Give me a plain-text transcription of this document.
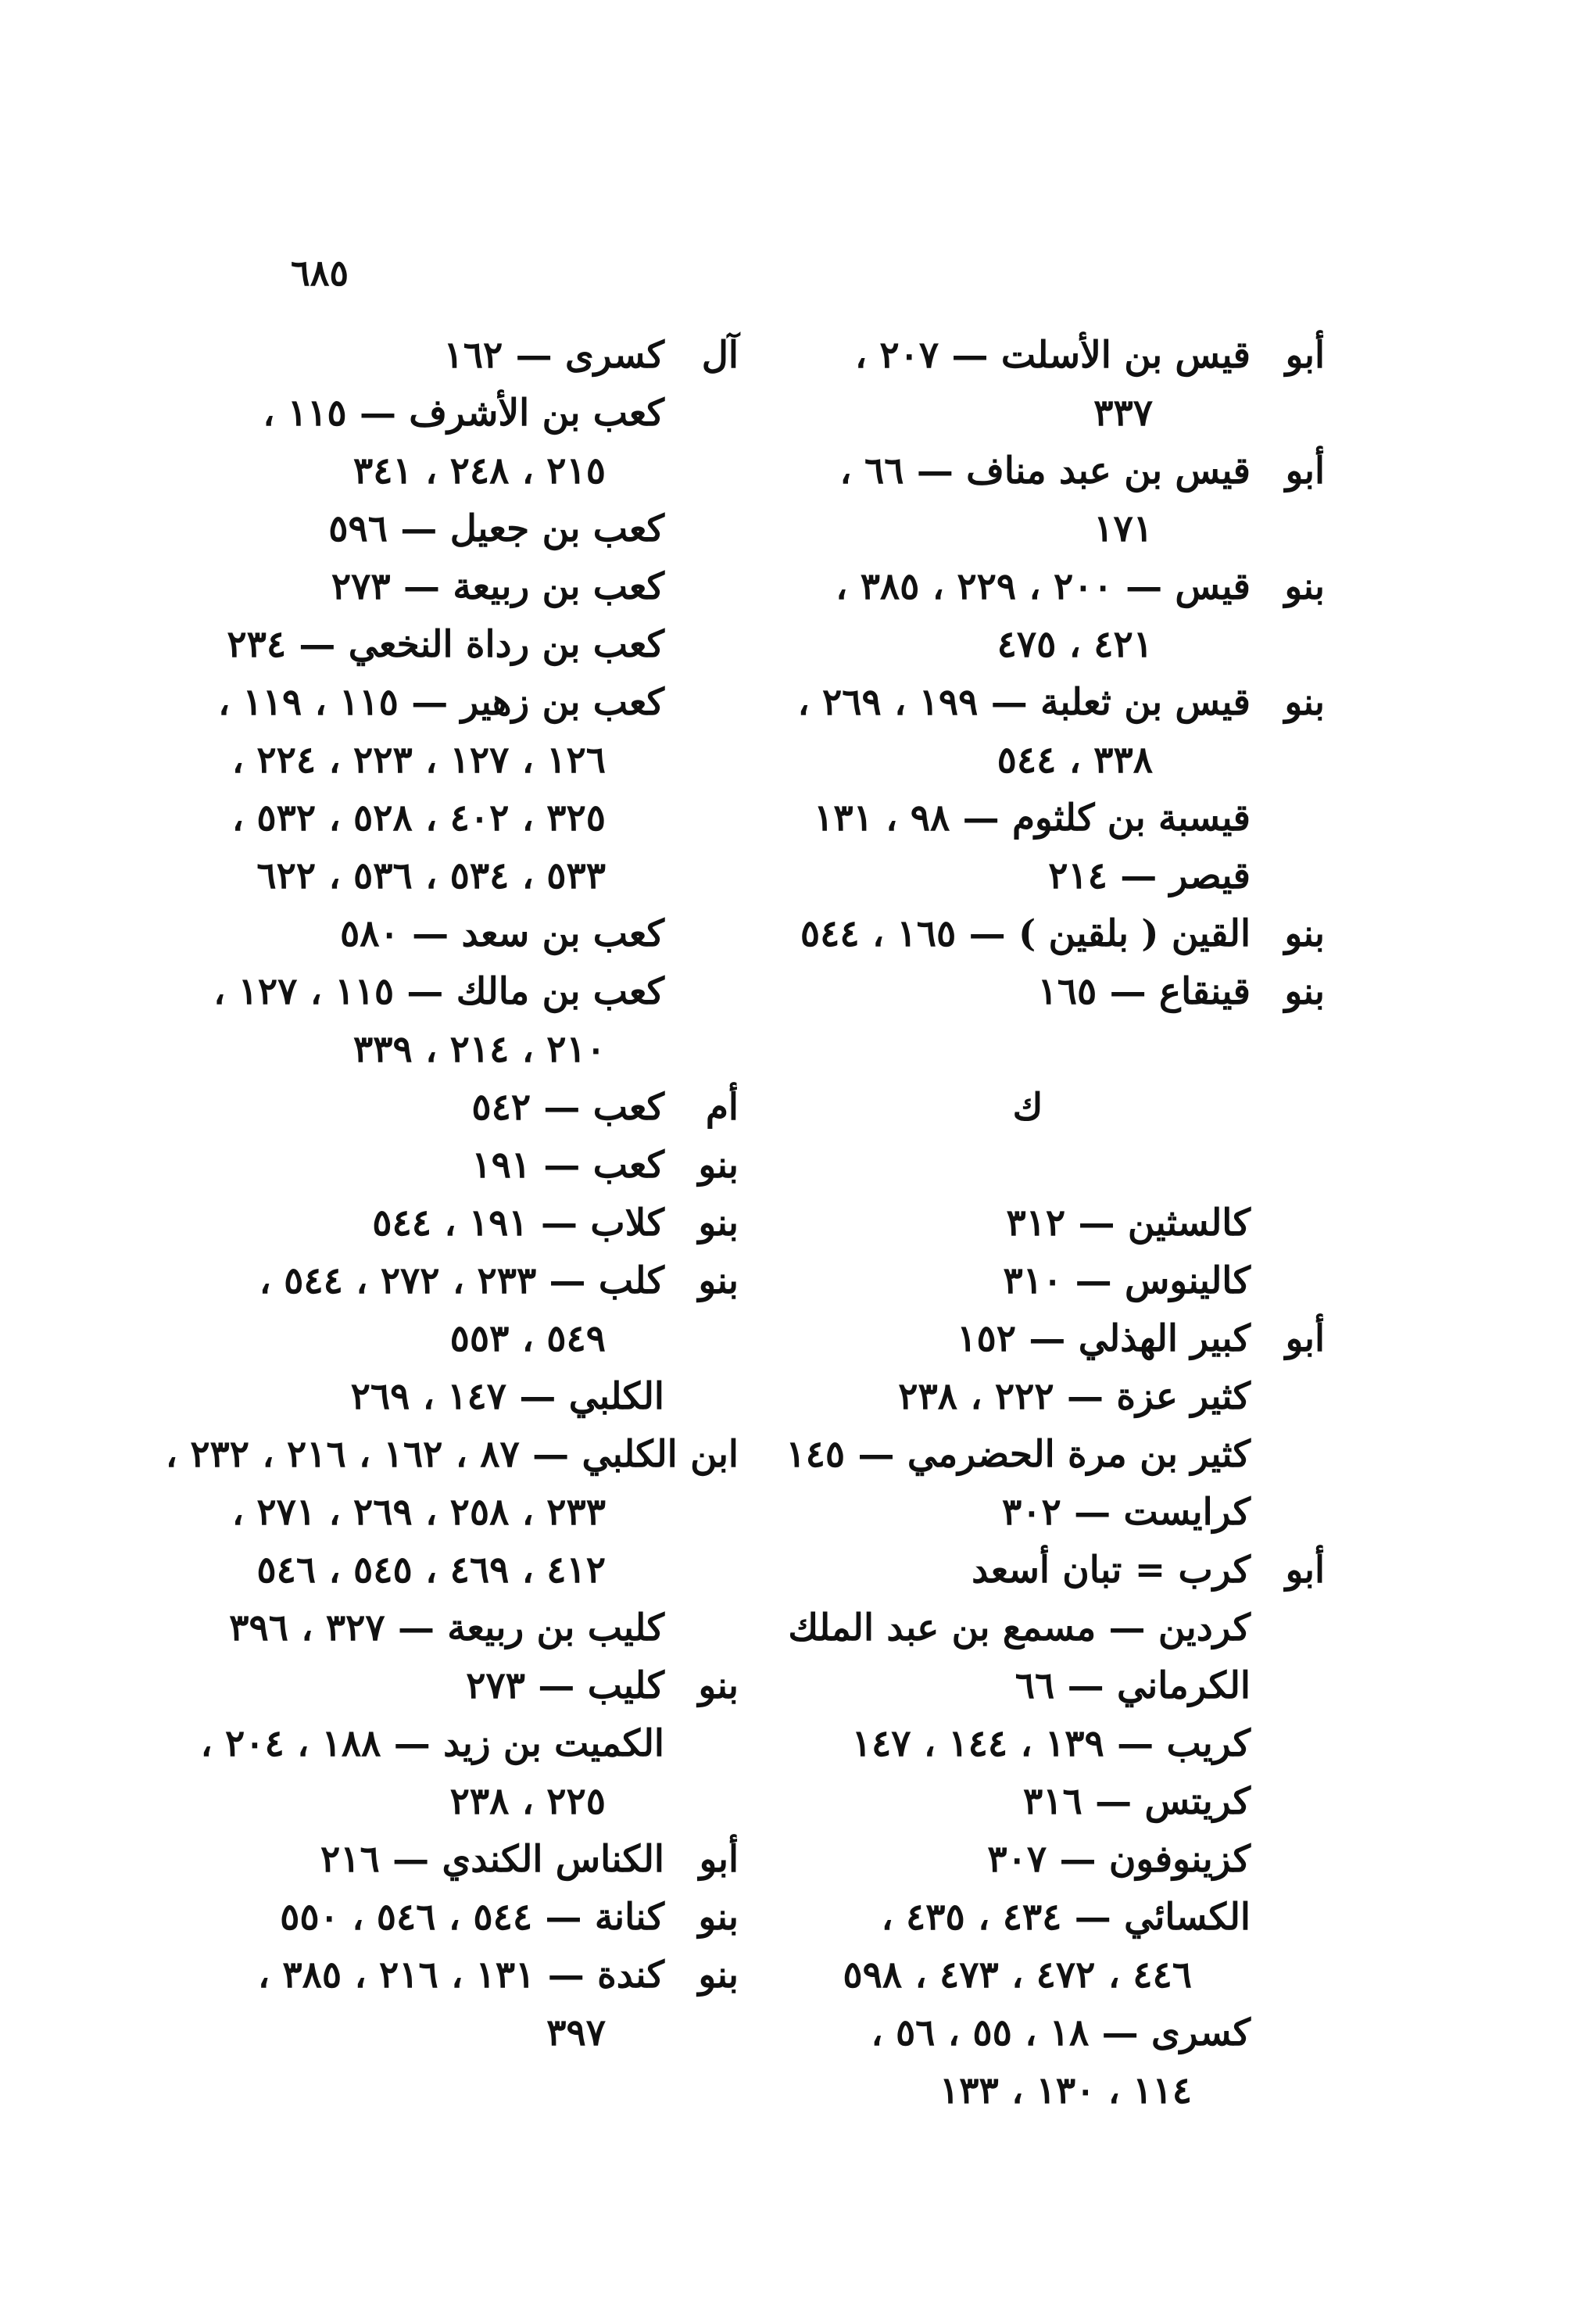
٦٨٥
أبو
قيس بن الأسلت — ٢٠٧ ،
٣٣٧
أبو
قيس بن عبد مناف — ٦٦ ،
١٧١
بنو
قيس — ٢٠٠ ، ٢٢٩ ، ٣٨٥ ،
٤٢١ ، ٤٧٥
بنو
قيس بن ثعلبة — ١٩٩ ، ٢٦٩ ،
٣٣٨ ، ٥٤٤
قيسبة بن كلثوم — ٩٨ ، ١٣١
قيصر — ٢١٤
بنو
القين ( بلقين ) — ١٦٥ ، ٥٤٤
بنو
قينقاع — ١٦٥
ك
كالسثين — ٣١٢
كالينوس — ٣١٠
أبو
كبير الهذلي — ١٥٢
كثير عزة — ٢٢٢ ، ٢٣٨
كثير بن مرة الحضرمي — ١٤٥
كرايست — ٣٠٢
أبو
كرب = تبان أسعد
كردين — مسمع بن عبد الملك
الكرماني — ٦٦
كريب — ١٣٩ ، ١٤٤ ، ١٤٧
كريتس — ٣١٦
كزينوفون — ٣٠٧
الكسائي — ٤٣٤ ، ٤٣٥ ،
٤٤٦ ، ٤٧٢ ، ٤٧٣ ، ٥٩٨
كسرى — ١٨ ، ٥٥ ، ٥٦ ،
١١٤ ، ١٣٠ ، ١٣٣
آل
كسرى — ١٦٢
كعب بن الأشرف — ١١٥ ،
٢١٥ ، ٢٤٨ ، ٣٤١
كعب بن جعيل — ٥٩٦
كعب بن ربيعة — ٢٧٣
كعب بن رداة النخعي — ٢٣٤
كعب بن زهير — ١١٥ ، ١١٩ ،
١٢٦ ، ١٢٧ ، ٢٢٣ ، ٢٢٤ ،
٣٢٥ ، ٤٠٢ ، ٥٢٨ ، ٥٣٢ ،
٥٣٣ ، ٥٣٤ ، ٥٣٦ ، ٦٢٢
كعب بن سعد — ٥٨٠
كعب بن مالك — ١١٥ ، ١٢٧ ،
٢١٠ ، ٢١٤ ، ٣٣٩
أم
كعب — ٥٤٢
بنو
كعب — ١٩١
بنو
كلاب — ١٩١ ، ٥٤٤
بنو
كلب — ٢٣٣ ، ٢٧٢ ، ٥٤٤ ،
٥٤٩ ، ٥٥٣
الكلبي — ١٤٧ ، ٢٦٩
ابن الكلبي — ٨٧ ، ١٦٢ ، ٢١٦ ، ٢٣٢ ،
٢٣٣ ، ٢٥٨ ، ٢٦٩ ، ٢٧١ ،
٤١٢ ، ٤٦٩ ، ٥٤٥ ، ٥٤٦
كليب بن ربيعة — ٣٢٧ ، ٣٩٦
بنو
كليب — ٢٧٣
الكميت بن زيد — ١٨٨ ، ٢٠٤ ،
٢٢٥ ، ٢٣٨
أبو
الكناس الكندي — ٢١٦
بنو
كنانة — ٥٤٤ ، ٥٤٦ ، ٥٥٠
بنو
كندة — ١٣١ ، ٢١٦ ، ٣٨٥ ،
٣٩٧
